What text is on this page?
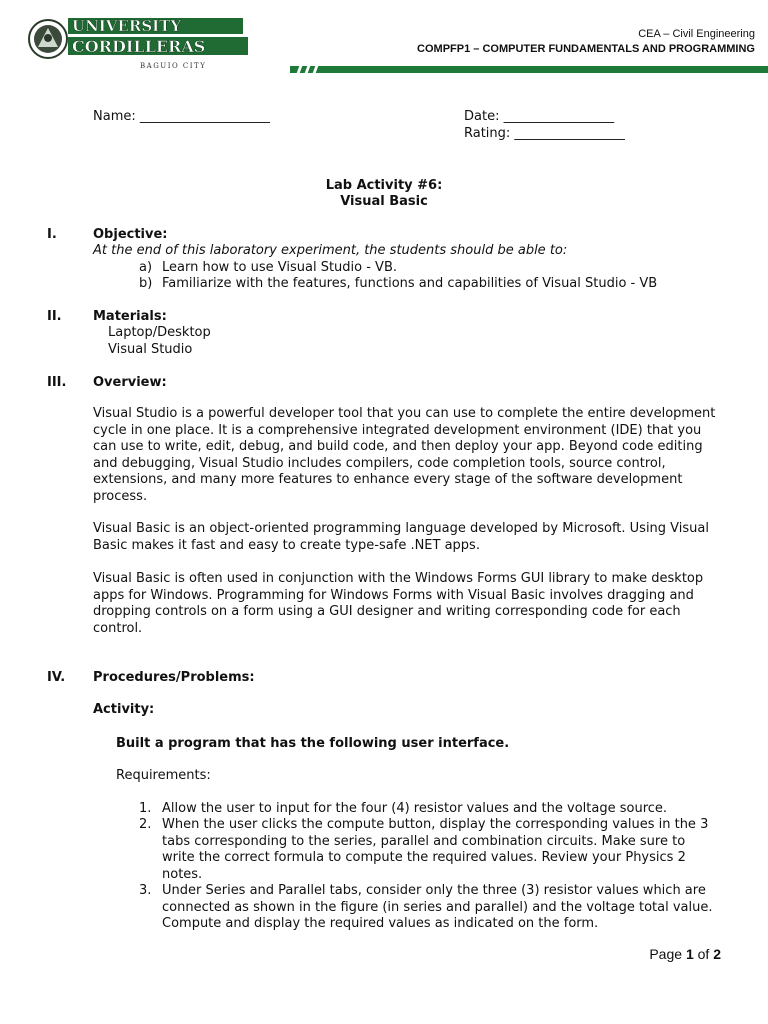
UNIVERSITY
CORDILLERAS
BAGUIO CITY
CEA – Civil Engineering
COMPFP1 – COMPUTER FUNDAMENTALS AND PROGRAMMING
Name: ____________________	Date: _________________
Rating: _________________
Lab Activity #6:
Visual Basic
I.	Objective:
At the end of this laboratory experiment, the students should be able to:
a) Learn how to use Visual Studio - VB.
b) Familiarize with the features, functions and capabilities of Visual Studio - VB
II. Materials:
Laptop/Desktop
Visual Studio
III. Overview:
Visual Studio is a powerful developer tool that you can use to complete the entire development cycle in one place. It is a comprehensive integrated development environment (IDE) that you can use to write, edit, debug, and build code, and then deploy your app. Beyond code editing and debugging, Visual Studio includes compilers, code completion tools, source control, extensions, and many more features to enhance every stage of the software development process.
Visual Basic is an object-oriented programming language developed by Microsoft. Using Visual Basic makes it fast and easy to create type-safe .NET apps.
Visual Basic is often used in conjunction with the Windows Forms GUI library to make desktop apps for Windows. Programming for Windows Forms with Visual Basic involves dragging and dropping controls on a form using a GUI designer and writing corresponding code for each control.
IV. Procedures/Problems:
Activity:
Built a program that has the following user interface.
Requirements:
1. Allow the user to input for the four (4) resistor values and the voltage source.
2. When the user clicks the compute button, display the corresponding values in the 3 tabs corresponding to the series, parallel and combination circuits. Make sure to write the correct formula to compute the required values. Review your Physics 2 notes.
3. Under Series and Parallel tabs, consider only the three (3) resistor values which are connected as shown in the figure (in series and parallel) and the voltage total value. Compute and display the required values as indicated on the form.
Page 1 of 2
